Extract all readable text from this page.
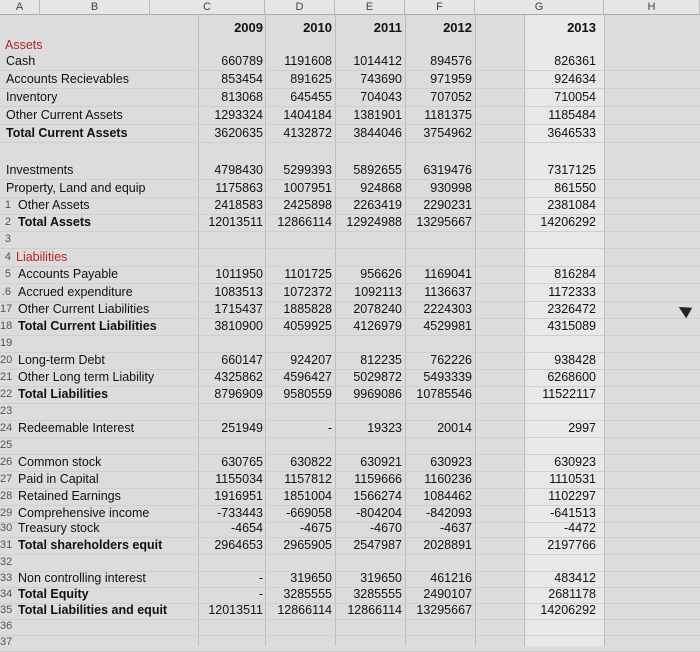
A	B	C	D	E	F	G	H
2009	2010	2011	2012	2013
Assets
Cash	660789	1191608	1014412	894576	826361
Accounts Recievables	853454	891625	743690	971959	924634
Inventory	813068	645455	704043	707052	710054
Other Current Assets	1293324	1404184	1381901	1181375	1185484
Total Current Assets	3620635	4132872	3844046	3754962	3646533
Investments	4798430	5299393	5892655	6319476	7317125
Property, Land and equip	1175863	1007951	924868	930998	861550
1 Other Assets	2418583	2425898	2263419	2290231	2381084
2 Total Assets	12013511	12866114	12924988	13295667	14206292
3
4 Liabilities
5 Accounts Payable	1011950	1101725	956626	1169041	816284
.6 Accrued expenditure	1083513	1072372	1092113	1136637	1172333
17 Other Current Liabilities	1715437	1885828	2078240	2224303	2326472
18 Total Current Liabilities	3810900	4059925	4126979	4529981	4315089
19
20 Long-term Debt	660147	924207	812235	762226	938428
21 Other Long term Liability	4325862	4596427	5029872	5493339	6268600
22 Total Liabilities	8796909	9580559	9969086	10785546	11522117
23
24 Redeemable Interest	251949	-	19323	20014	2997
25
26 Common stock	630765	630822	630921	630923	630923
27 Paid in Capital	1155034	1157812	1159666	1160236	1110531
28 Retained Earnings	1916951	1851004	1566274	1084462	1102297
29 Comprehensive income	-733443	-669058	-804204	-842093	-641513
30 Treasury stock	-4654	-4675	-4670	-4637	-4472
31 Total shareholders equit	2964653	2965905	2547987	2028891	2197766
32
33 Non controlling interest	-	319650	319650	461216	483412
34 Total Equity	-	3285555	3285555	2490107	2681178
35 Total Liabilities and equit	12013511	12866114	12866114	13295667	14206292
36
37
